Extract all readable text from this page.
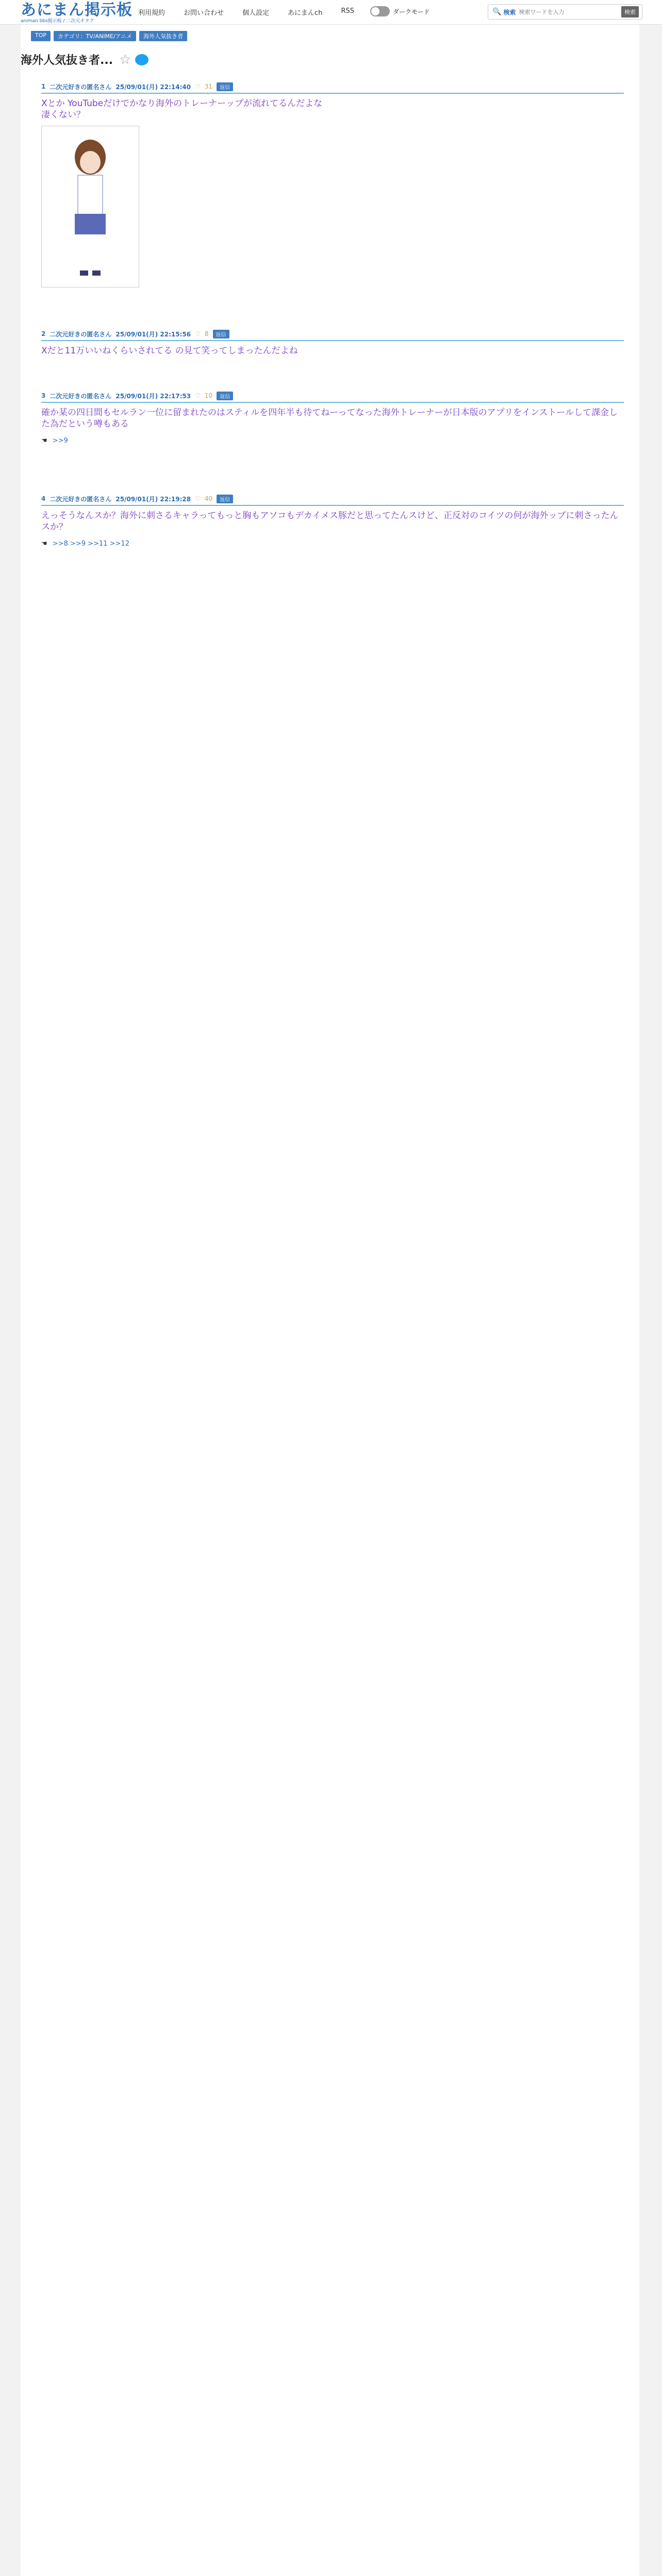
あにまん掲示板
animan bbs掲示板 / 二次元オタク
利用規約	お問い合わせ	個人設定	あにまんch	RSS	ダークモード	🔍 検索
検索ワードを入力	検索
TOP	カテゴリ：TV/ANIME/アニメ	海外人気抜き者
海外人気抜き者... ☆
1 二次元好きの匿名さん 25/09/01(月) 22:14:40 ♡ 31	返信
Xとか YouTubeだけでかなり海外のトレーナーップが流れてるんだよな
凄くない？
2 二次元好きの匿名さん 25/09/01(月) 22:15:56 ♡ 8	返信
Xだと11万いいねくらいされてる の見て笑ってしまったんだよね
3 二次元好きの匿名さん 25/09/01(月) 22:17:53 ♡ 10	返信
確か某の四日間もセルラン一位に留まれたのはスティルを四年半も待てねーってなった海外トレーナーが日本版のアプリをインストールして課金した為だという噂もある
☚ >>9
4 二次元好きの匿名さん 25/09/01(月) 22:19:28 ♡ 40	返信
えっそうなんスか？海外に刺さるキャラってもっと胸もアソコもデカイメス豚だと思ってたんスけど、正反対のコイツの何が海外ッブに刺さったんスか？
☚ >>8 >>9 >>11 >>12
